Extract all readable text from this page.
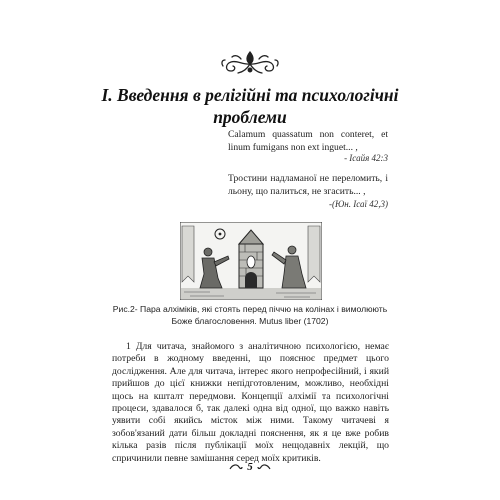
I. Введення в релігійні та психологічні проблеми
Calamum quassatum non conteret, et linum fumigans non ext inguet... ,
- Ісайя 42:3
Тростини надламаної не переломить, і льону, що палиться, не згасить... ,
-(Юн. Ісаї 42,3)
Рис.2- Пара алхіміків, які стоять перед піччю на колінах і вимолюють Боже благословення. Mutus liber (1702)

1 Для читача, знайомого з аналітичною психологією, немає потреби в жодному введенні, що пояснює предмет цього дослідження. Але для читача, інтерес якого непрофесійний, і який прийшов до цієї книжки непідготовленим, можливо, необхідні щось на кшталт передмови. Концепції алхімії та психологічні процеси, здавалося б, так далекі одна від одної, що важко навіть уявити собі якийсь місток між ними. Такому читачеві я зобов'язаний дати більш докладні пояснення, як я це вже робив кілька разів після публікації моїх нещодавніх лекцій, що спричинили певне замішання серед моїх критиків.

5
